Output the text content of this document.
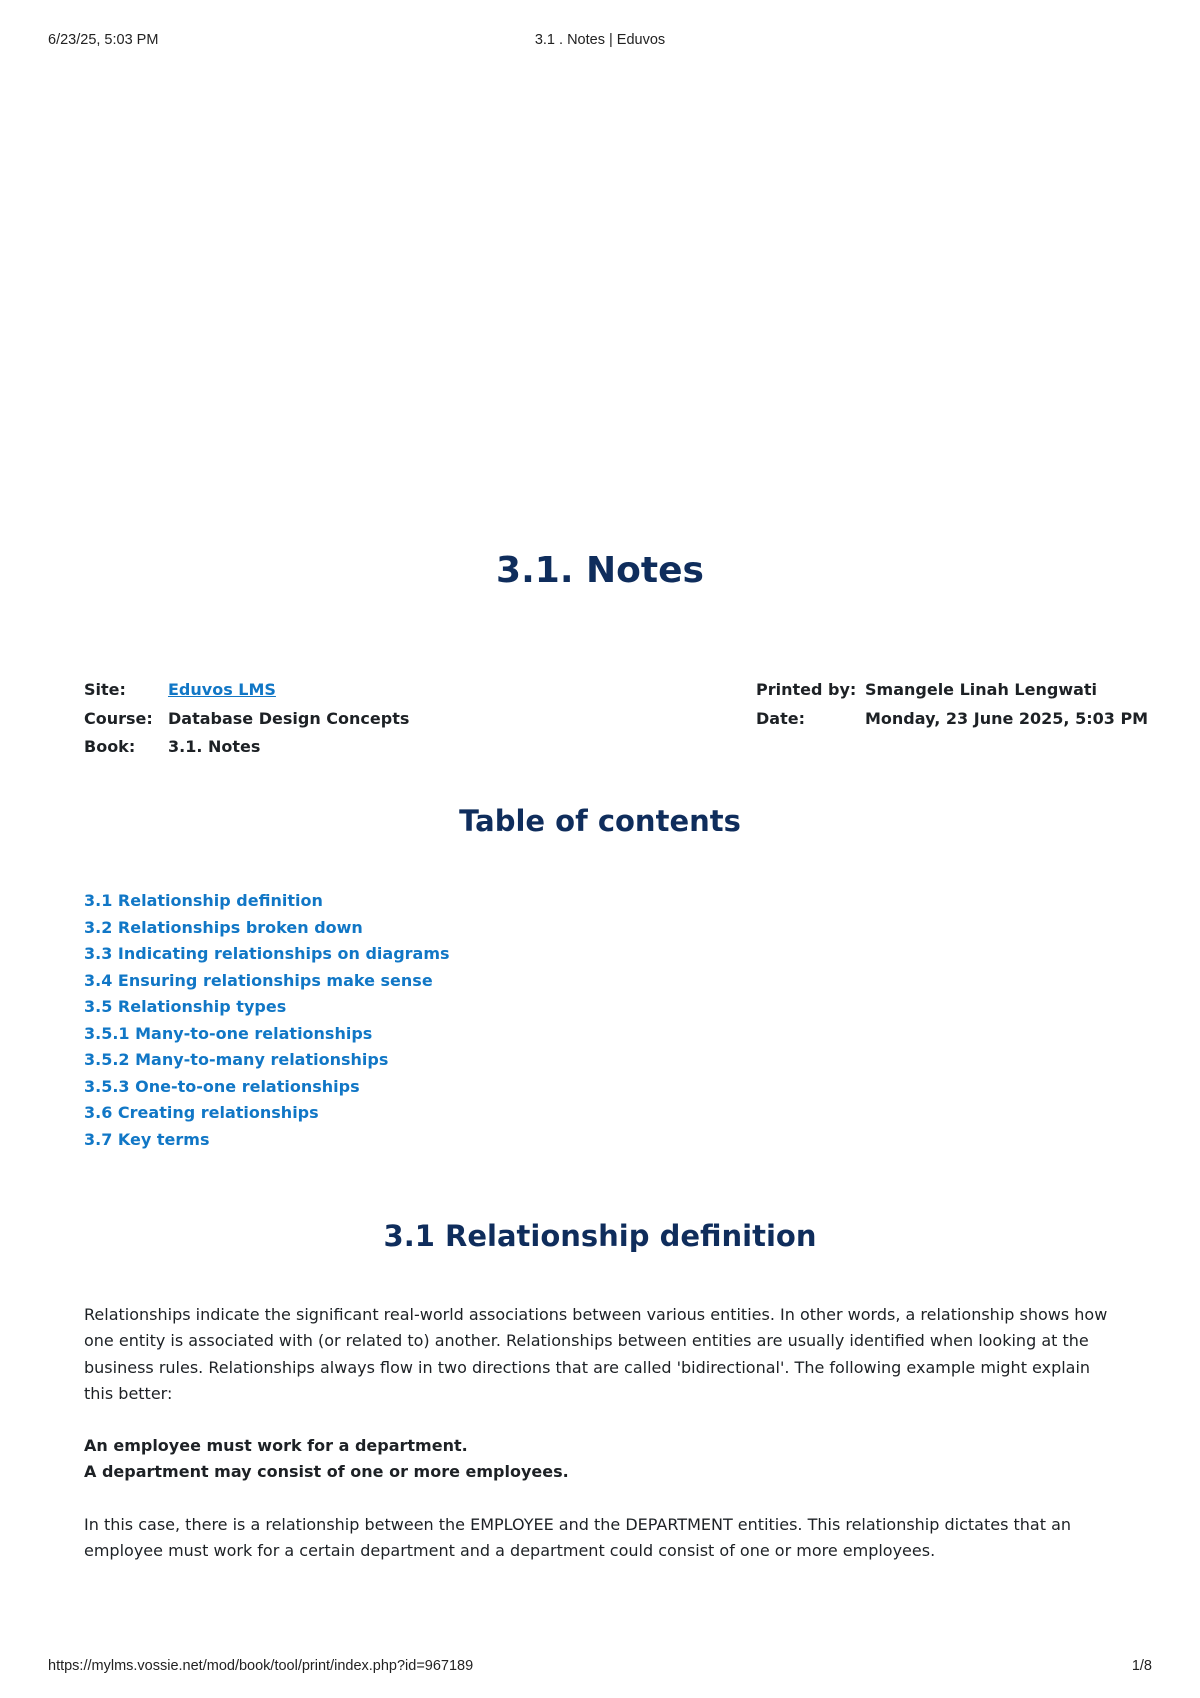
6/23/25, 5:03 PM	3.1 . Notes | Eduvos
3.1. Notes
Site:	Eduvos LMS
Course:	Database Design Concepts
Book:	3.1. Notes
Printed by:	Smangele Linah Lengwati
Date:	Monday, 23 June 2025, 5:03 PM
Table of contents
3.1 Relationship definition
3.2 Relationships broken down
3.3 Indicating relationships on diagrams
3.4 Ensuring relationships make sense
3.5 Relationship types
3.5.1 Many-to-one relationships
3.5.2 Many-to-many relationships
3.5.3 One-to-one relationships
3.6 Creating relationships
3.7 Key terms
3.1 Relationship definition

Relationships indicate the significant real-world associations between various entities. In other words, a relationship shows how one entity is associated with (or related to) another. Relationships between entities are usually identified when looking at the business rules. Relationships always flow in two directions that are called 'bidirectional'. The following example might explain this better:

An employee must work for a department.
A department may consist of one or more employees.

In this case, there is a relationship between the EMPLOYEE and the DEPARTMENT entities. This relationship dictates that an employee must work for a certain department and a department could consist of one or more employees.

https://mylms.vossie.net/mod/book/tool/print/index.php?id=967189	1/8
